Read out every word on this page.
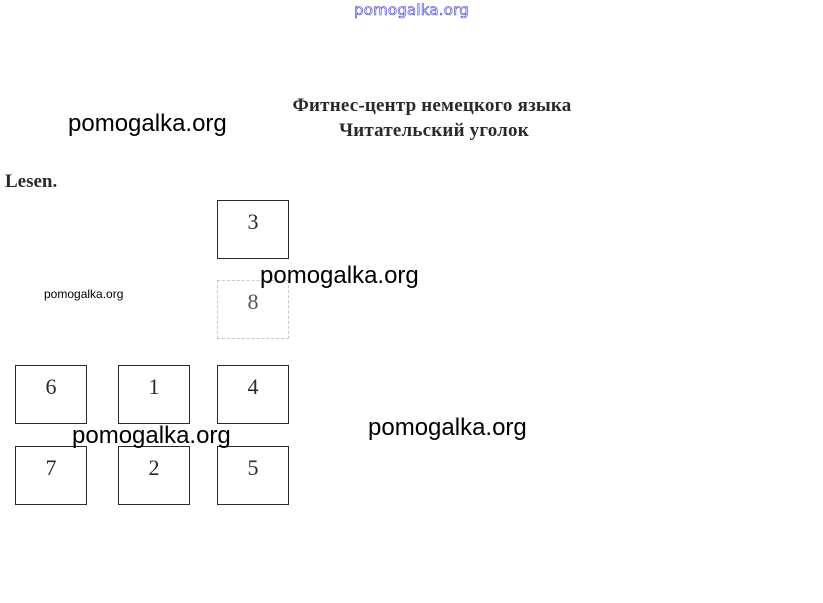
pomogalka.org
Фитнес-центр немецкого языка
Читательский уголок
Lesen.
3
8
6	1	4
7	2	5
pomogalka.org
pomogalka.org
pomogalka.org
pomogalka.org	pomogalka.org
